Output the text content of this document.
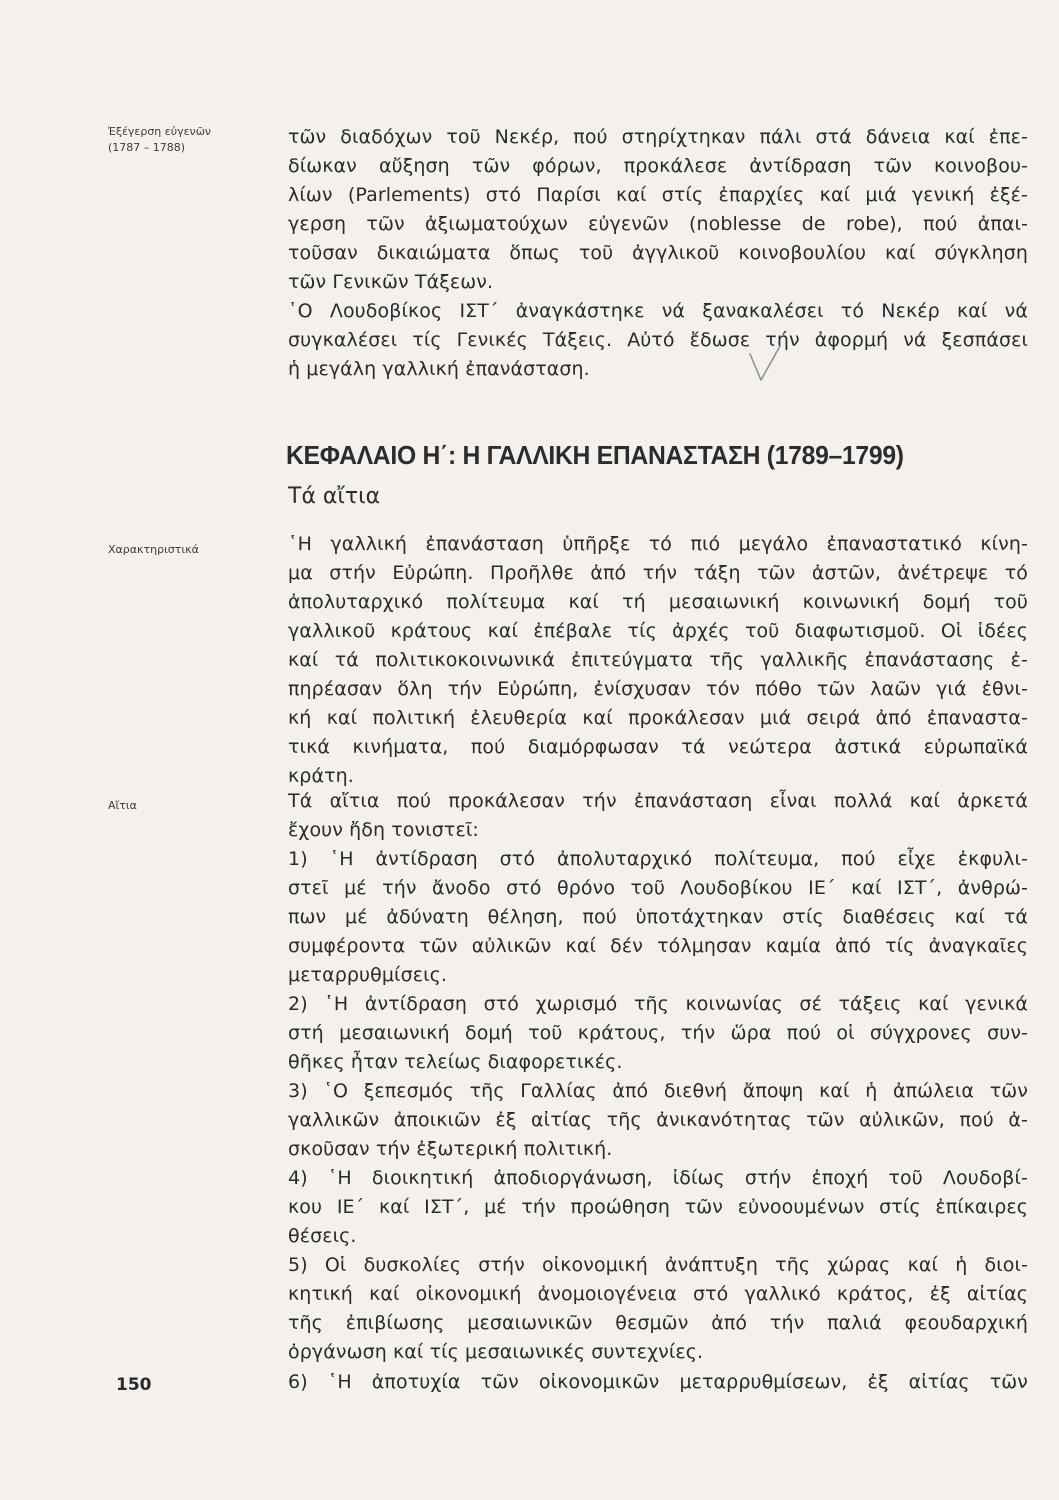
Ἐξέγερση εὐγενῶν
(1787 – 1788)
Χαρακτηριστικά
Αἴτια

τῶν διαδόχων τοῦ Νεκέρ, πού στηρίχτηκαν πάλι στά δάνεια καί ἐπε-
δίωκαν αὔξηση τῶν φόρων, προκάλεσε ἀντίδραση τῶν κοινοβου-
λίων (Parlements) στό Παρίσι καί στίς ἐπαρχίες καί μιά γενική ἐξέ-
γερση τῶν ἀξιωματούχων εὐγενῶν (noblesse de robe), πού ἀπαι-
τοῦσαν δικαιώματα ὅπως τοῦ ἀγγλικοῦ κοινοβουλίου καί σύγκληση
τῶν Γενικῶν Τάξεων.

῾Ο Λουδοβίκος ΙΣΤ΄ ἀναγκάστηκε νά ξανακαλέσει τό Νεκέρ καί νά
συγκαλέσει τίς Γενικές Τάξεις. Αὐτό ἔδωσε τήν ἀφορμή νά ξεσπάσει
ἡ μεγάλη γαλλική ἐπανάσταση.

ΚΕΦΑΛΑΙΟ Η΄: Η ΓΑΛΛΙΚΗ ΕΠΑΝΑΣΤΑΣΗ (1789–1799)
Τά αἴτια

῾Η γαλλική ἐπανάσταση ὑπῆρξε τό πιό μεγάλο ἐπαναστατικό κίνη-
μα στήν Εὐρώπη. Προῆλθε ἀπό τήν τάξη τῶν ἀστῶν, ἀνέτρεψε τό
ἀπολυταρχικό πολίτευμα καί τή μεσαιωνική κοινωνική δομή τοῦ
γαλλικοῦ κράτους καί ἐπέβαλε τίς ἀρχές τοῦ διαφωτισμοῦ. Οἱ ἰδέες
καί τά πολιτικοκοινωνικά ἐπιτεύγματα τῆς γαλλικῆς ἐπανάστασης ἐ-
πηρέασαν ὅλη τήν Εὐρώπη, ἐνίσχυσαν τόν πόθο τῶν λαῶν γιά ἐθνι-
κή καί πολιτική ἐλευθερία καί προκάλεσαν μιά σειρά ἀπό ἐπαναστα-
τικά κινήματα, πού διαμόρφωσαν τά νεώτερα ἀστικά εὐρωπαϊκά
κράτη.

Τά αἴτια πού προκάλεσαν τήν ἐπανάσταση εἶναι πολλά καί ἀρκετά
ἔχουν ἤδη τονιστεῖ:

1) ῾Η ἀντίδραση στό ἀπολυταρχικό πολίτευμα, πού εἶχε ἐκφυλι-
στεῖ μέ τήν ἄνοδο στό θρόνο τοῦ Λουδοβίκου ΙΕ΄ καί ΙΣΤ΄, ἀνθρώ-
πων μέ ἀδύνατη θέληση, πού ὑποτάχτηκαν στίς διαθέσεις καί τά
συμφέροντα τῶν αὐλικῶν καί δέν τόλμησαν καμία ἀπό τίς ἀναγκαῖες
μεταρρυθμίσεις.

2) ῾Η ἀντίδραση στό χωρισμό τῆς κοινωνίας σέ τάξεις καί γενικά
στή μεσαιωνική δομή τοῦ κράτους, τήν ὥρα πού οἱ σύγχρονες συν-
θῆκες ἦταν τελείως διαφορετικές.

3) ῾Ο ξεπεσμός τῆς Γαλλίας ἀπό διεθνή ἄποψη καί ἡ ἀπώλεια τῶν
γαλλικῶν ἀποικιῶν ἐξ αἰτίας τῆς ἀνικανότητας τῶν αὐλικῶν, πού ἀ-
σκοῦσαν τήν ἐξωτερική πολιτική.

4) ῾Η διοικητική ἀποδιοργάνωση, ἰδίως στήν ἐποχή τοῦ Λουδοβί-
κου ΙΕ΄ καί ΙΣΤ΄, μέ τήν προώθηση τῶν εὐνοουμένων στίς ἐπίκαιρες
θέσεις.

5) Οἱ δυσκολίες στήν οἰκονομική ἀνάπτυξη τῆς χώρας καί ἡ διοι-
κητική καί οἰκονομική ἀνομοιογένεια στό γαλλικό κράτος, ἐξ αἰτίας
τῆς ἐπιβίωσης μεσαιωνικῶν θεσμῶν ἀπό τήν παλιά φεουδαρχική
ὀργάνωση καί τίς μεσαιωνικές συντεχνίες.

6) ῾Η ἀποτυχία τῶν οἰκονομικῶν μεταρρυθμίσεων, ἐξ αἰτίας τῶν

150
